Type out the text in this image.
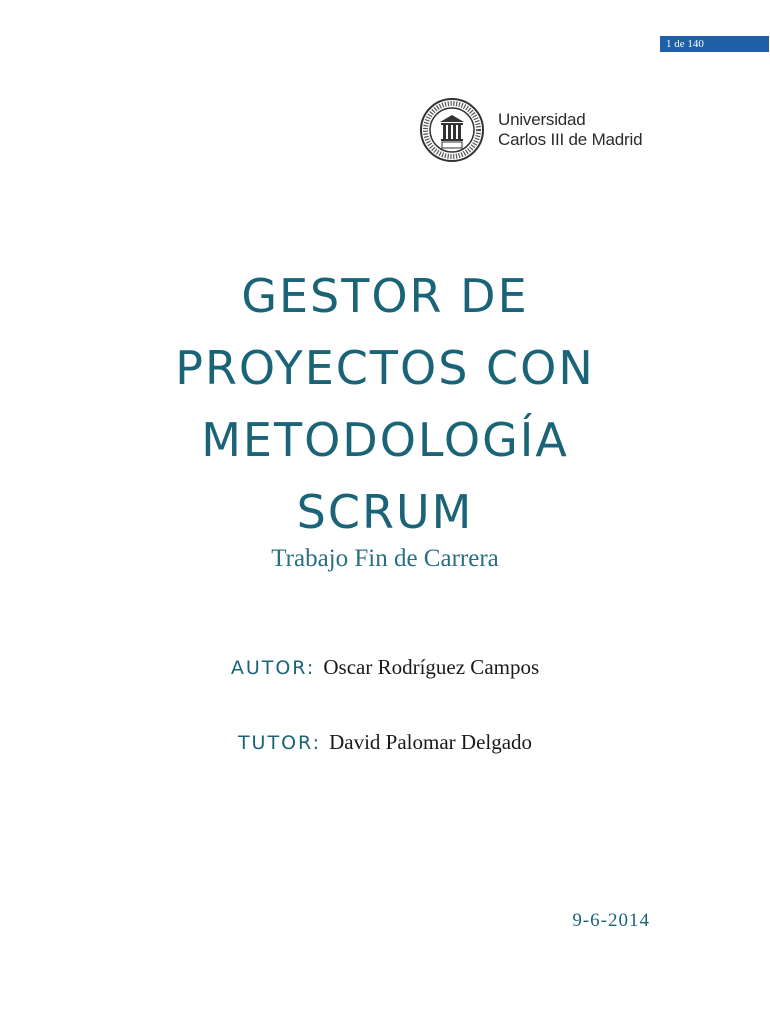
1 de 140
Universidad
Carlos III de Madrid
GESTOR DE
PROYECTOS CON
METODOLOGÍA
SCRUM
Trabajo Fin de Carrera
AUTOR: Oscar Rodríguez Campos
TUTOR: David Palomar Delgado
9-6-2014
